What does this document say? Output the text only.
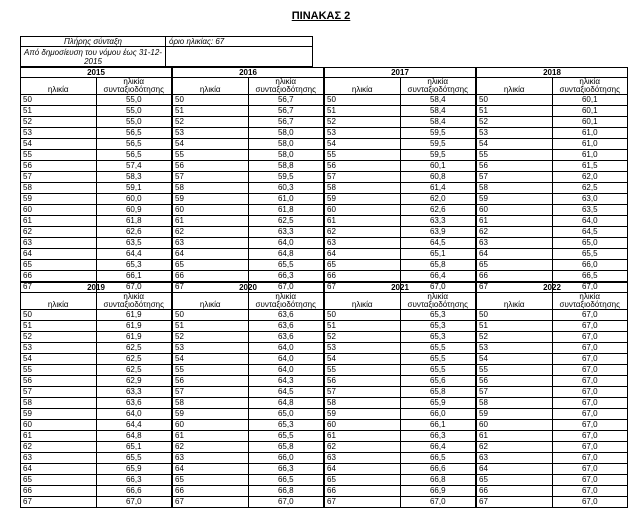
ΠΙΝΑΚΑΣ 2
Πλήρης σύνταξη	όριο ηλικίας: 67
Από δημοσίευση του νόμου έως 31-12-2015	
2015	
ηλικία	ηλικία συνταξιοδότησης
50	55,0
51	55,0
52	55,0
53	56,5
54	56,5
55	56,5
56	57,4
57	58,3
58	59,1
59	60,0
60	60,9
61	61,8
62	62,6
63	63,5
64	64,4
65	65,3
66	66,1
67	67,0
2016	
ηλικία	ηλικία συνταξιοδότησης
50	56,7
51	56,7
52	56,7
53	58,0
54	58,0
55	58,0
56	58,8
57	59,5
58	60,3
59	61,0
60	61,8
61	62,5
62	63,3
63	64,0
64	64,8
65	65,5
66	66,3
67	67,0
2017	
ηλικία	ηλικία συνταξιοδότησης
50	58,4
51	58,4
52	58,4
53	59,5
54	59,5
55	59,5
56	60,1
57	60,8
58	61,4
59	62,0
60	62,6
61	63,3
62	63,9
63	64,5
64	65,1
65	65,8
66	66,4
67	67,0
2018	
ηλικία	ηλικία συνταξιοδότησης
50	60,1
51	60,1
52	60,1
53	61,0
54	61,0
55	61,0
56	61,5
57	62,0
58	62,5
59	63,0
60	63,5
61	64,0
62	64,5
63	65,0
64	65,5
65	66,0
66	66,5
67	67,0
2019	
ηλικία	ηλικία συνταξιοδότησης
50	61,9
51	61,9
52	61,9
53	62,5
54	62,5
55	62,5
56	62,9
57	63,3
58	63,6
59	64,0
60	64,4
61	64,8
62	65,1
63	65,5
64	65,9
65	66,3
66	66,6
67	67,0
2020	
ηλικία	ηλικία συνταξιοδότησης
50	63,6
51	63,6
52	63,6
53	64,0
54	64,0
55	64,0
56	64,3
57	64,5
58	64,8
59	65,0
60	65,3
61	65,5
62	65,8
63	66,0
64	66,3
65	66,5
66	66,8
67	67,0
2021	
ηλικία	ηλικία συνταξιοδότησης
50	65,3
51	65,3
52	65,3
53	65,5
54	65,5
55	65,5
56	65,6
57	65,8
58	65,9
59	66,0
60	66,1
61	66,3
62	66,4
63	66,5
64	66,6
65	66,8
66	66,9
67	67,0
2022	
ηλικία	ηλικία συνταξιοδότησης
50	67,0
51	67,0
52	67,0
53	67,0
54	67,0
55	67,0
56	67,0
57	67,0
58	67,0
59	67,0
60	67,0
61	67,0
62	67,0
63	67,0
64	67,0
65	67,0
66	67,0
67	67,0
